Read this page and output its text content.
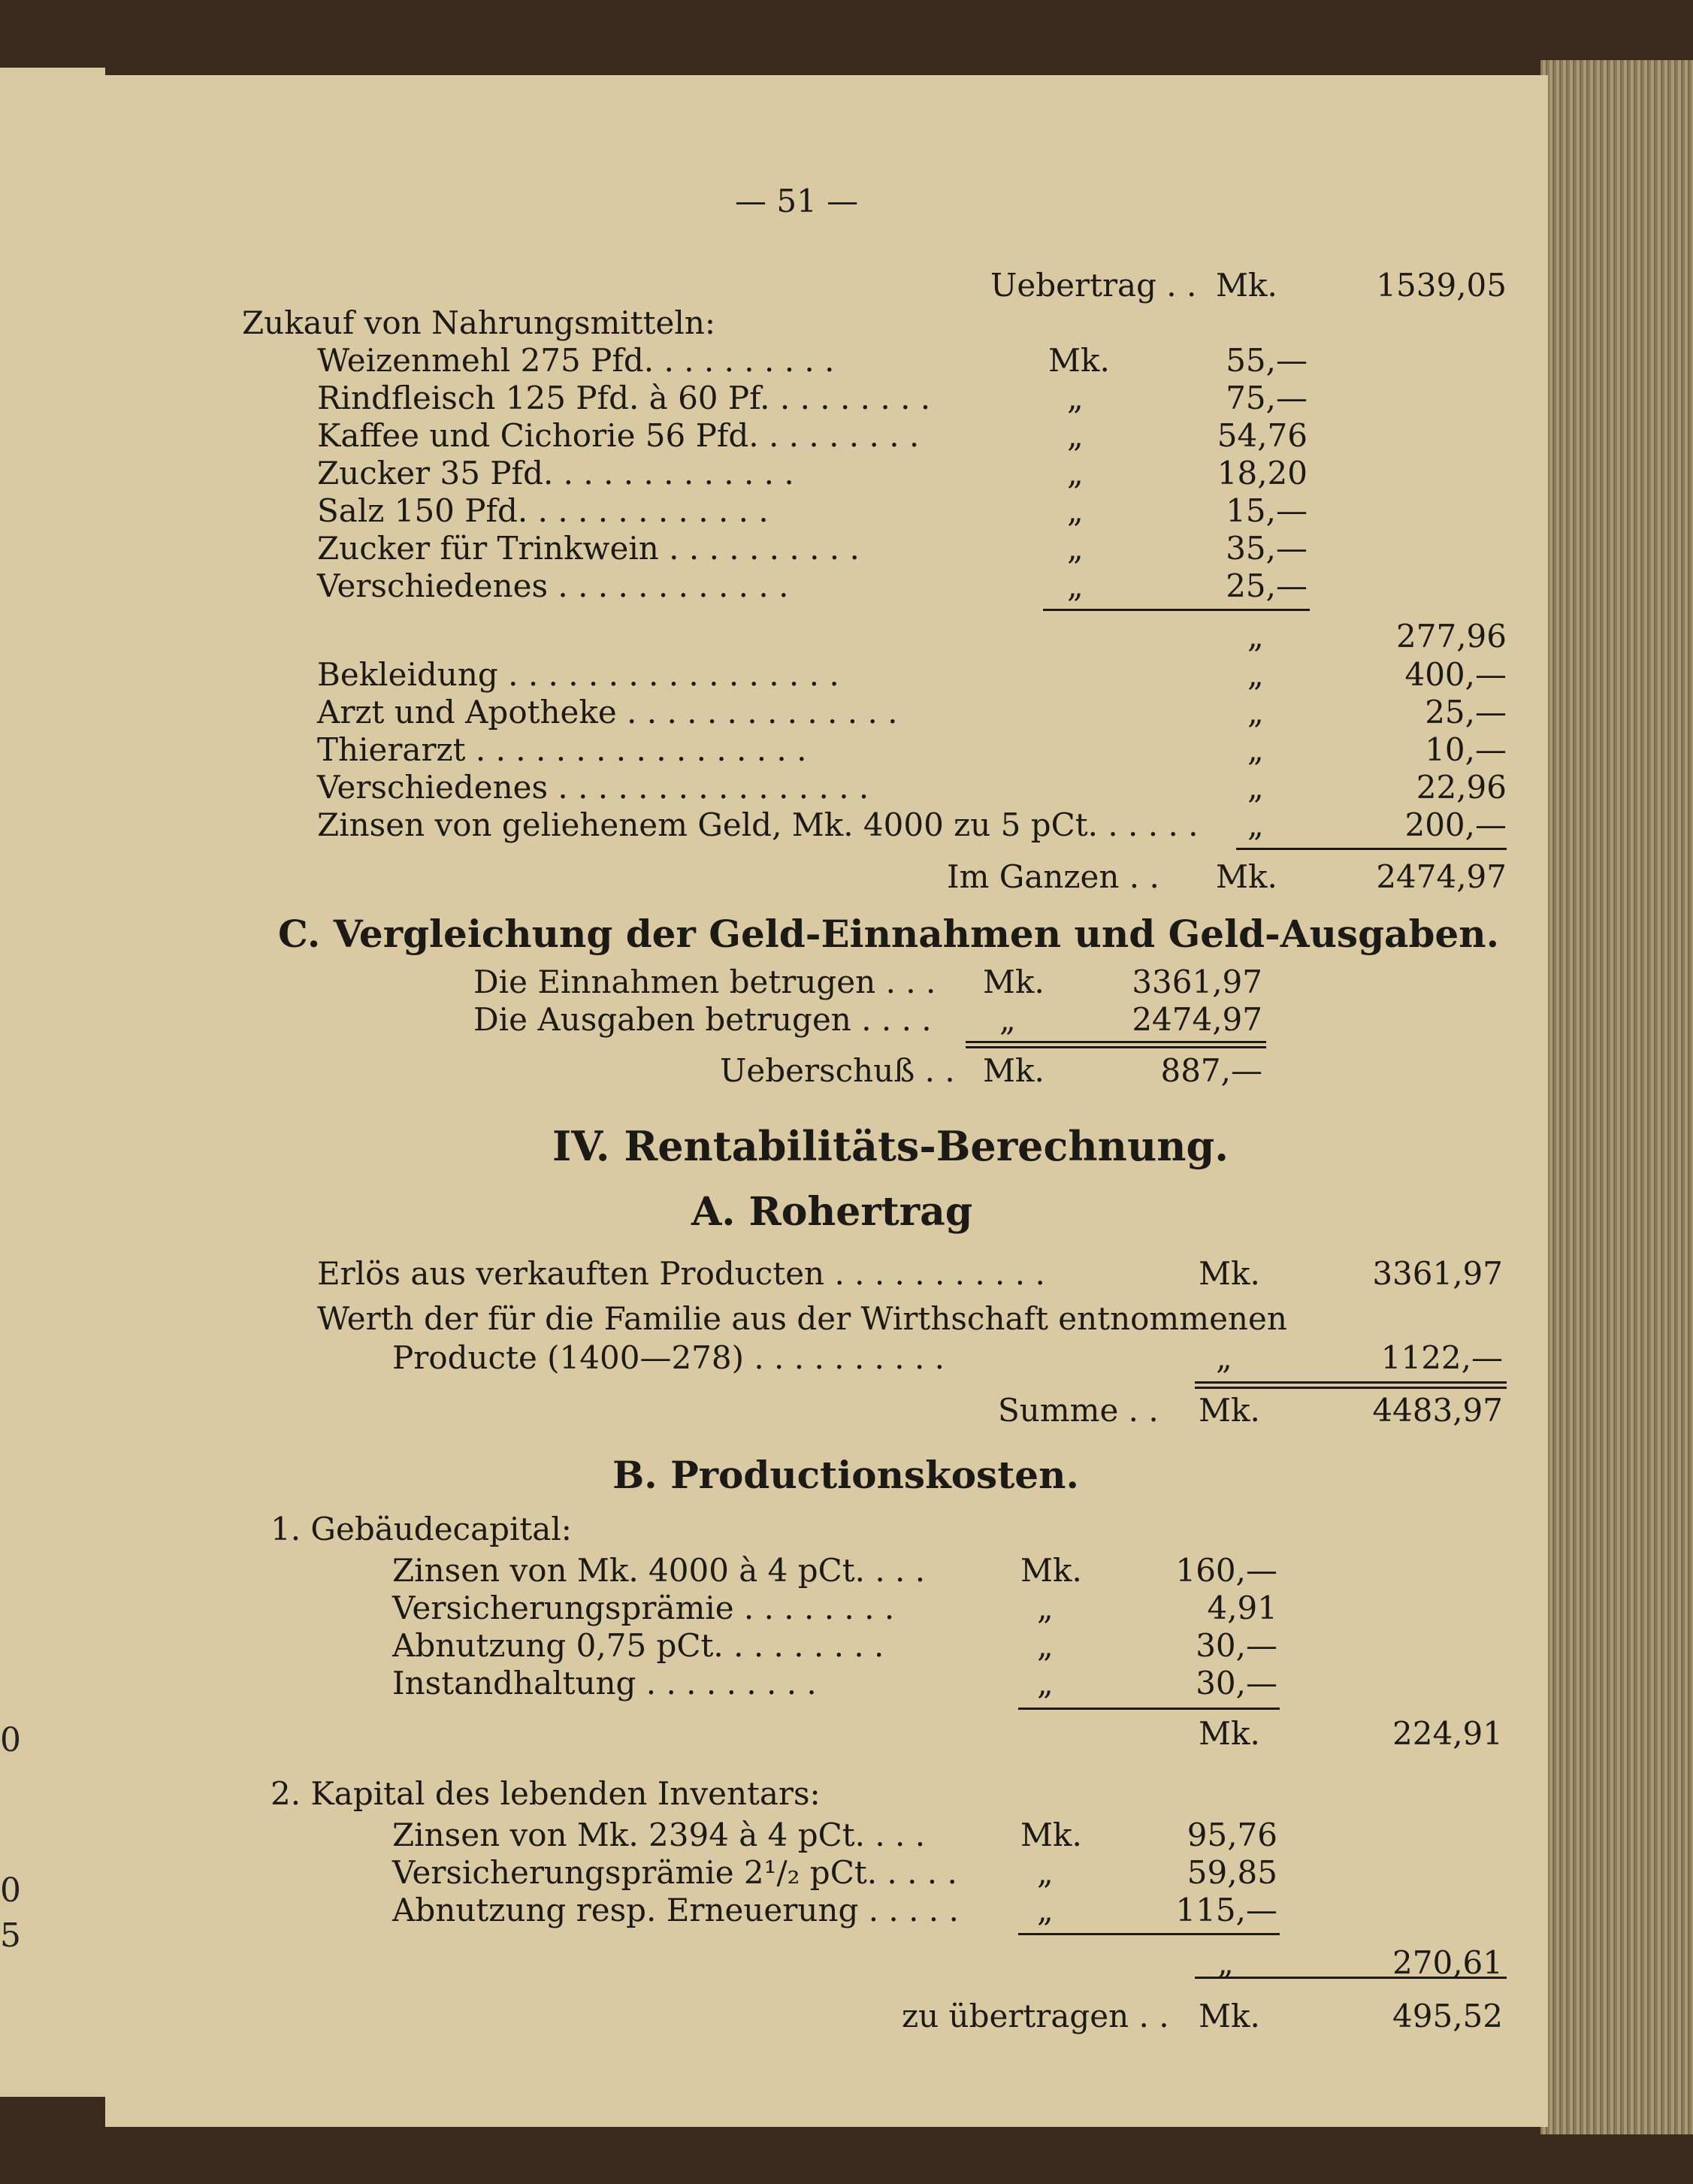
0
0
5
— 51 —
Uebertrag . . Mk.	1539,05
Zukauf von Nahrungsmitteln:
Weizenmehl 275 Pfd. . . . . . . . . .	Mk.	55,—
Rindfleisch 125 Pfd. à 60 Pf. . . . . . . . .	„	75,—
Kaffee und Cichorie 56 Pfd. . . . . . . . .	„	54,76
Zucker 35 Pfd. . . . . . . . . . . . .	„	18,20
Salz 150 Pfd. . . . . . . . . . . . .	„	15,—
Zucker für Trinkwein . . . . . . . . . .	„	35,—
Verschiedenes . . . . . . . . . . . .	„	25,—
„	277,96
Bekleidung . . . . . . . . . . . . . . . . .	„	400,—
Arzt und Apotheke . . . . . . . . . . . . . .	„	25,—
Thierarzt . . . . . . . . . . . . . . . . .	„	10,—
Verschiedenes . . . . . . . . . . . . . . . .	„	22,96
Zinsen von geliehenem Geld, Mk. 4000 zu 5 pCt. . . . . . „	200,—
Im Ganzen . . Mk.	2474,97
C. Vergleichung der Geld-Einnahmen und Geld-Ausgaben.
Die Einnahmen betrugen . . . Mk.	3361,97
Die Ausgaben betrugen . . . . „	2474,97
Ueberschuß . . Mk.	887,—
IV. Rentabilitäts-Berechnung.
A. Rohertrag
Erlös aus verkauften Producten . . . . . . . . . . .	Mk.	3361,97
Werth der für die Familie aus der Wirthschaft entnommenen
Producte (1400—278) . . . . . . . . . .	„	1122,—
Summe . . Mk.	4483,97
B. Productionskosten.
1. Gebäudecapital:
Zinsen von Mk. 4000 à 4 pCt. . . .	Mk.	160,—
Versicherungsprämie . . . . . . . .	„	4,91
Abnutzung 0,75 pCt. . . . . . . . .	„	30,—
Instandhaltung . . . . . . . . .	„	30,—
Mk.	224,91
2. Kapital des lebenden Inventars:
Zinsen von Mk. 2394 à 4 pCt. . . .	Mk.	95,76
Versicherungsprämie 2¹/₂ pCt. . . . .	„	59,85
Abnutzung resp. Erneuerung . . . . . „	115,—
„	270,61
zu übertragen . . Mk.	495,52
